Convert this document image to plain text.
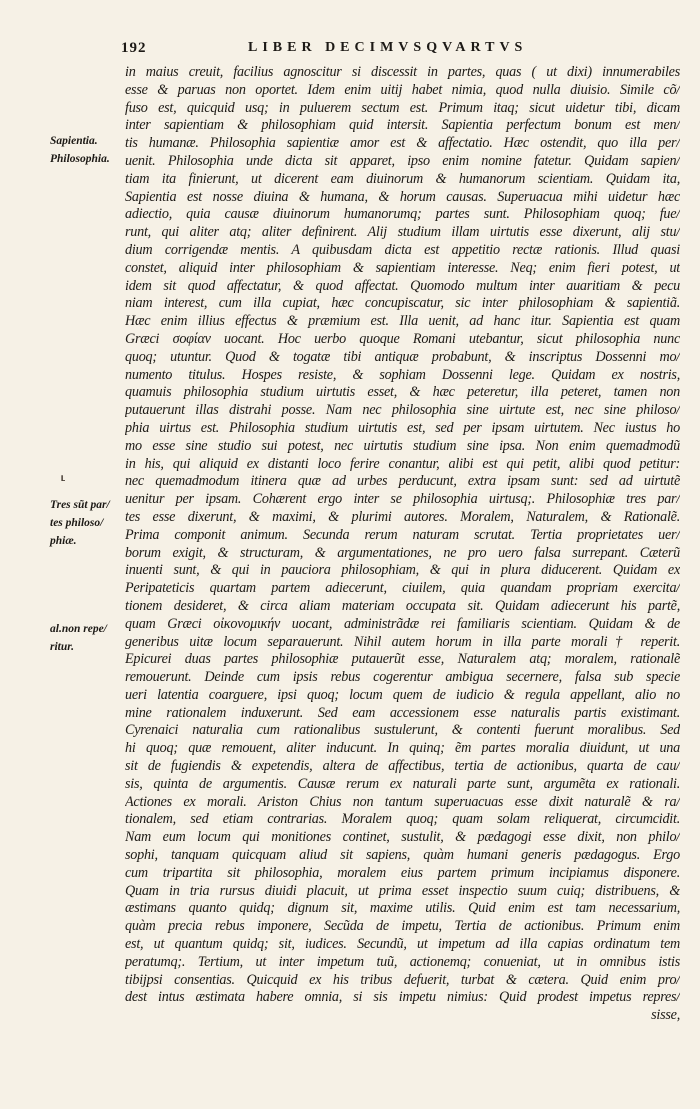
192	LIBER DECIMVSQVARTVS
Sapientia.
Philosophia.
Tres sũt par/
tes philoso/
phiæ.
al.non repe/
ritur.
⸤
in maius creuit, facilius agnoscitur si discessit in partes, quas ( ut dixi) innumerabiles
esse & paruas non oportet. Idem enim uitij habet nimia, quod nulla diuisio. Simile cõ/
fuso est, quicquid usq; in puluerem sectum est. Primum itaq; sicut uidetur tibi, dicam
inter sapientiam & philosophiam quid intersit. Sapientia perfectum bonum est men/
tis humanæ. Philosophia sapientiæ amor est & affectatio. Hæc ostendit, quo illa per/
uenit. Philosophia unde dicta sit apparet, ipso enim nomine fatetur. Quidam sapien/
tiam ita finierunt, ut dicerent eam diuinorum & humanorum scientiam. Quidam ita,
Sapientia est nosse diuina & humana, & horum causas. Superuacua mihi uidetur hæc
adiectio, quia causæ diuinorum humanorumq; partes sunt. Philosophiam quoq; fue/
runt, qui aliter atq; aliter definirent. Alij studium illam uirtutis esse dixerunt, alij stu/
dium corrigendæ mentis. A quibusdam dicta est appetitio rectæ rationis. Illud quasi
constet, aliquid inter philosophiam & sapientiam interesse. Neq; enim fieri potest, ut
idem sit quod affectatur, & quod affectat. Quomodo multum inter auaritiam & pecu
niam interest, cum illa cupiat, hæc concupiscatur, sic inter philosophiam & sapientiã.
Hæc enim illius effectus & præmium est. Illa uenit, ad hanc itur. Sapientia est quam
Græci σοφίαν uocant. Hoc uerbo quoque Romani utebantur, sicut philosophia nunc
quoq; utuntur. Quod & togatæ tibi antiquæ probabunt, & inscriptus Dossenni mo/
numento titulus. Hospes resiste, & sophiam Dossenni lege. Quidam ex nostris,
quamuis philosophia studium uirtutis esset, & hæc peteretur, illa peteret, tamen non
putauerunt illas distrahi posse. Nam nec philosophia sine uirtute est, nec sine philoso/
phia uirtus est. Philosophia studium uirtutis est, sed per ipsam uirtutem. Nec iustus ho
mo esse sine studio sui potest, nec uirtutis studium sine ipsa. Non enim quemadmodũ
in his, qui aliquid ex distanti loco ferire conantur, alibi est qui petit, alibi quod petitur:
nec quemadmodum itinera quæ ad urbes perducunt, extra ipsam sunt: sed ad uirtutẽ
uenitur per ipsam. Cohærent ergo inter se philosophia uirtusq;. Philosophiæ tres par/
tes esse dixerunt, & maximi, & plurimi autores. Moralem, Naturalem, & Rationalẽ.
Prima componit animum. Secunda rerum naturam scrutat. Tertia proprietates uer/
borum exigit, & structuram, & argumentationes, ne pro uero falsa surrepant. Cæterũ
inuenti sunt, & qui in pauciora philosophiam, & qui in plura diducerent. Quidam ex
Peripateticis quartam partem adiecerunt, ciuilem, quia quandam propriam exercita/
tionem desideret, & circa aliam materiam occupata sit. Quidam adiecerunt his partẽ,
quam Græci οἰκονομικήν uocant, administrãdæ rei familiaris scientiam. Quidam & de
generibus uitæ locum separauerunt. Nihil autem horum in illa parte morali† reperit.
Epicurei duas partes philosophiæ putauerũt esse, Naturalem atq; moralem, rationalẽ
remouerunt. Deinde cum ipsis rebus cogerentur ambigua secernere, falsa sub specie
ueri latentia coarguere, ipsi quoq; locum quem de iudicio & regula appellant, alio no
mine rationalem induxerunt. Sed eam accessionem esse naturalis partis existimant.
Cyrenaici naturalia cum rationalibus sustulerunt, & contenti fuerunt moralibus. Sed
hi quoq; quæ remouent, aliter inducunt. In quinq; ẽm partes moralia diuidunt, ut una
sit de fugiendis & expetendis, altera de affectibus, tertia de actionibus, quarta de cau/
sis, quinta de argumentis. Causæ rerum ex naturali parte sunt, argumẽta ex rationali.
Actiones ex morali. Ariston Chius non tantum superuacuas esse dixit naturalẽ & ra/
tionalem, sed etiam contrarias. Moralem quoq; quam solam reliquerat, circumcidit.
Nam eum locum qui monitiones continet, sustulit, & pædagogi esse dixit, non philo/
sophi, tanquam quicquam aliud sit sapiens, quàm humani generis pædagogus. Ergo
cum tripartita sit philosophia, moralem eius partem primum incipiamus disponere.
Quam in tria rursus diuidi placuit, ut prima esset inspectio suum cuiq; distribuens, &
æstimans quanto quidq; dignum sit, maxime utilis. Quid enim est tam necessarium,
quàm precia rebus imponere, Secũda de impetu, Tertia de actionibus. Primum enim
est, ut quantum quidq; sit, iudices. Secundũ, ut impetum ad illa capias ordinatum tem
peratumq;. Tertium, ut inter impetum tuũ, actionemq; conueniat, ut in omnibus istis
tibijpsi consentias. Quicquid ex his tribus defuerit, turbat & cætera. Quid enim pro/
dest intus æstimata habere omnia, si sis impetu nimius: Quid prodest impetus repres/
sisse,
